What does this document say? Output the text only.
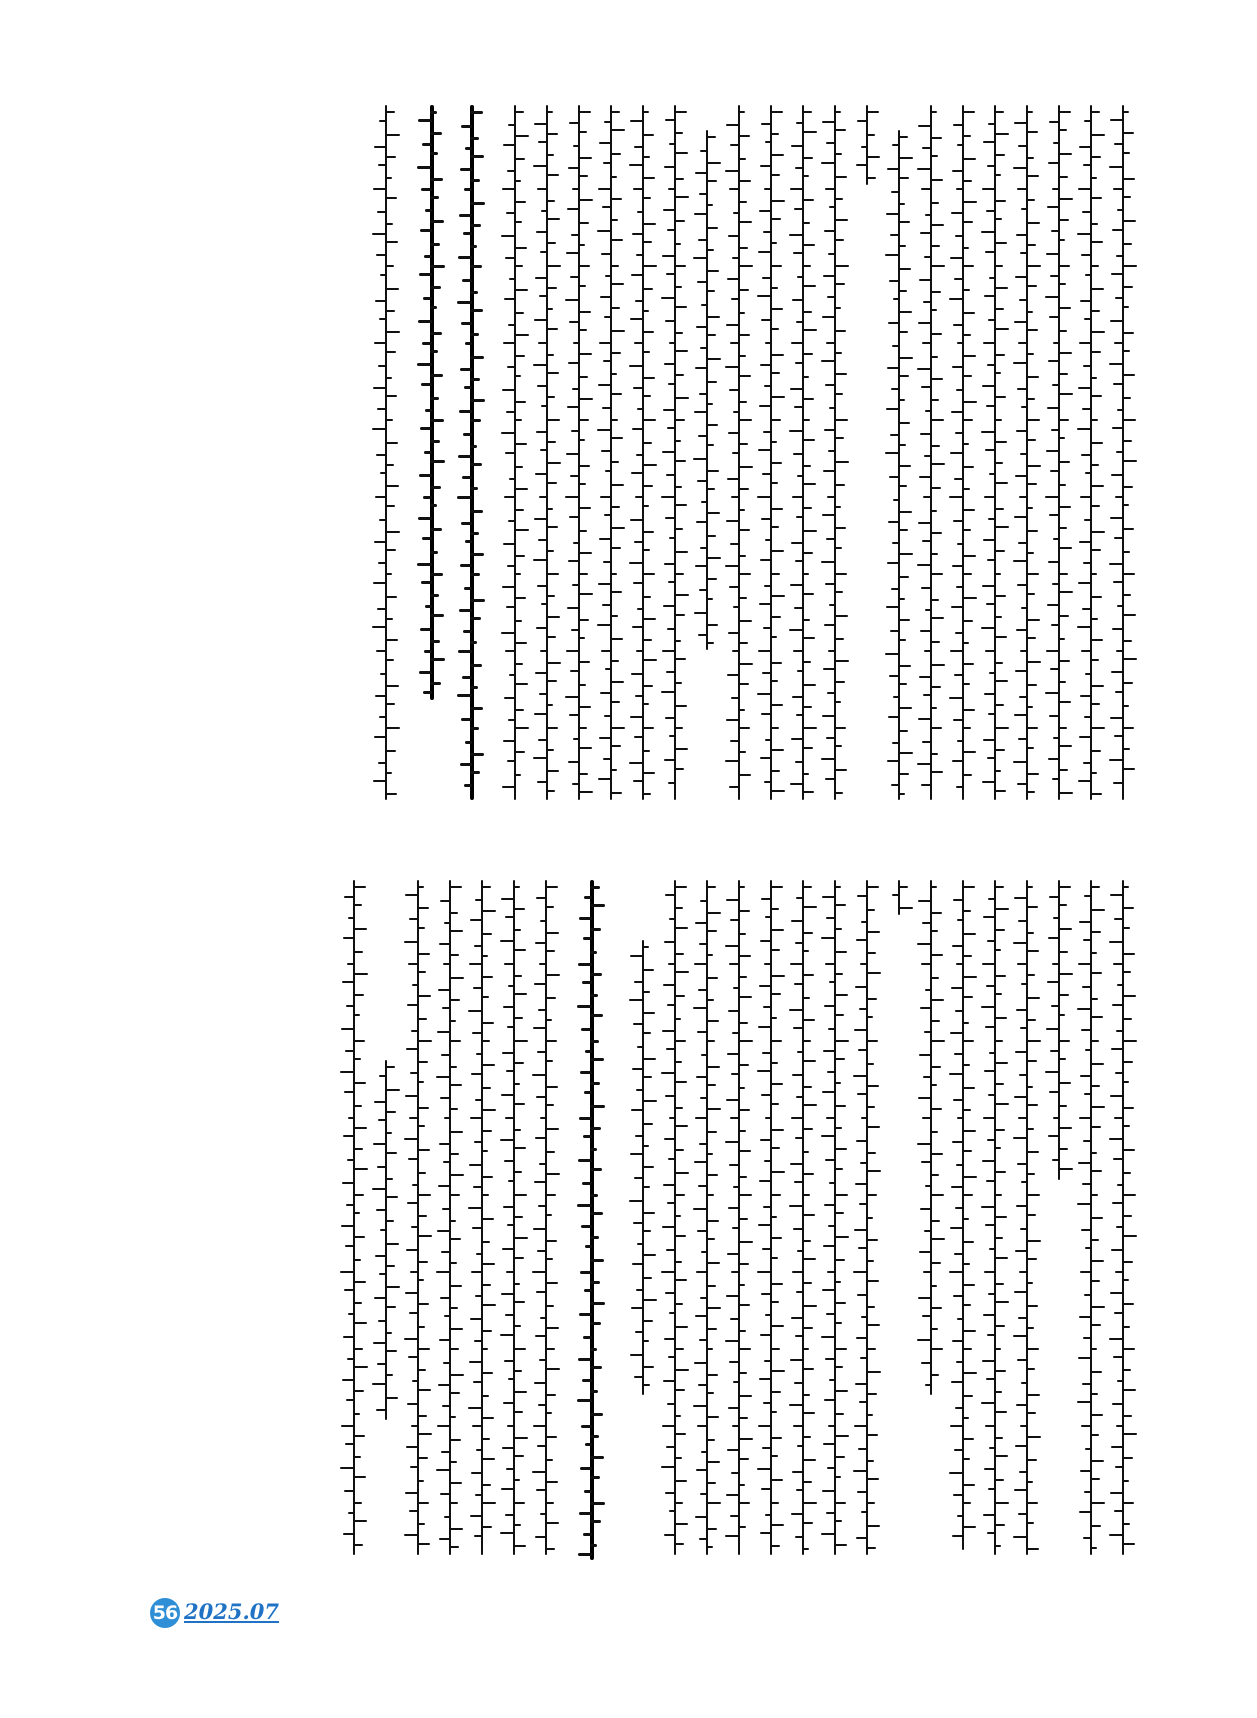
56 2025.07
